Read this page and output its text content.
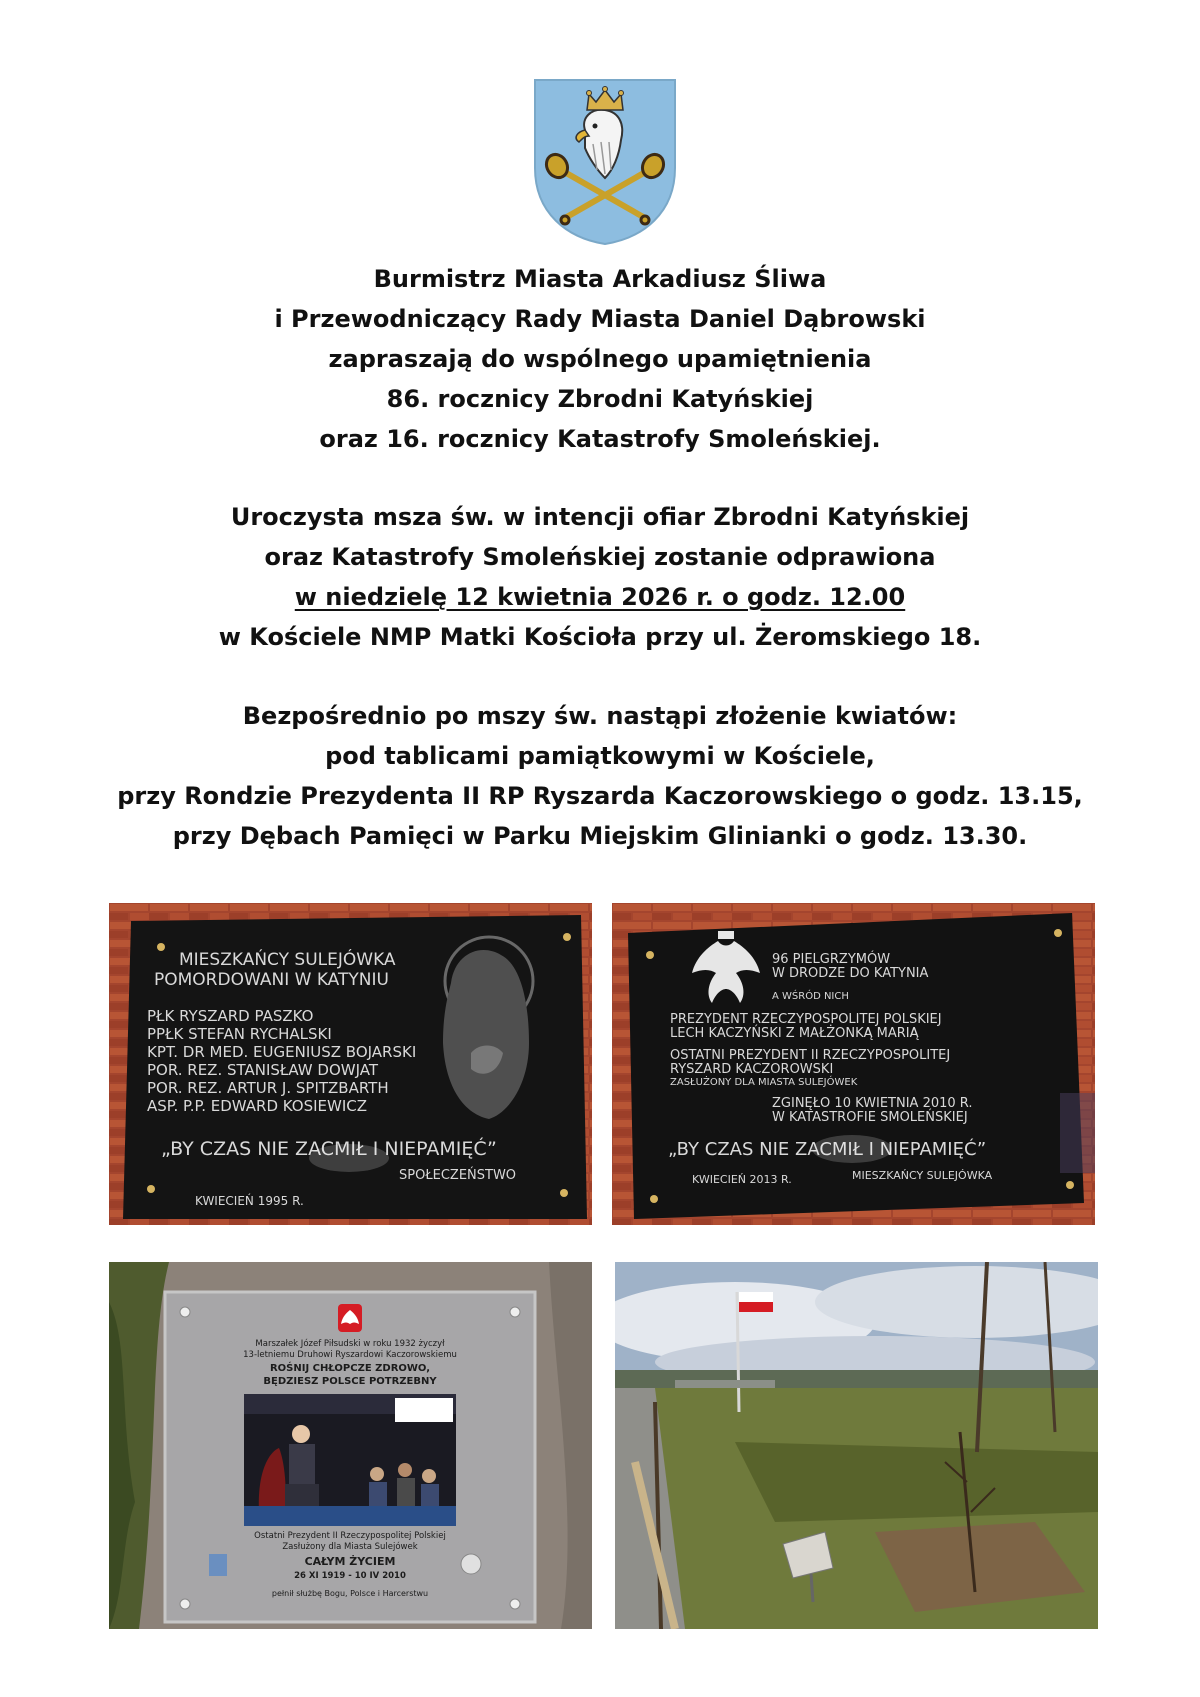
Burmistrz Miasta Arkadiusz Śliwa
i Przewodniczący Rady Miasta Daniel Dąbrowski
zapraszają do wspólnego upamiętnienia
86. rocznicy Zbrodni Katyńskiej
oraz 16. rocznicy Katastrofy Smoleńskiej.
Uroczysta msza św. w intencji ofiar Zbrodni Katyńskiej
oraz Katastrofy Smoleńskiej zostanie odprawiona
w niedzielę 12 kwietnia 2026 r. o godz. 12.00
w Kościele NMP Matki Kościoła przy ul. Żeromskiego 18.
Bezpośrednio po mszy św. nastąpi złożenie kwiatów:
pod tablicami pamiątkowymi w Kościele,
przy Rondzie Prezydenta II RP Ryszarda Kaczorowskiego o godz. 13.15,
przy Dębach Pamięci w Parku Miejskim Glinianki o godz. 13.30.
MIESZKAŃCY SULEJÓWKA
POMORDOWANI W KATYNIU
PŁK RYSZARD PASZKO
PPŁK STEFAN RYCHALSKI
KPT. DR MED. EUGENIUSZ BOJARSKI
POR. REZ. STANISŁAW DOWJAT
POR. REZ. ARTUR J. SPITZBARTH
ASP. P.P. EDWARD KOSIEWICZ
„BY CZAS NIE ZACMIŁ I NIEPAMIĘĆ”
SPOŁECZEŃSTWO
KWIECIEŃ 1995 R.
96 PIELGRZYMÓW
W DRODZE DO KATYNIA
A WŚRÓD NICH
PREZYDENT RZECZYPOSPOLITEJ POLSKIEJ
LECH KACZYŃSKI Z MAŁŻONKĄ MARIĄ
OSTATNI PREZYDENT II RZECZYPOSPOLITEJ
RYSZARD KACZOROWSKI
ZASŁUŻONY DLA MIASTA SULEJÓWEK
ZGINĘŁO 10 KWIETNIA 2010 R.
W KATASTROFIE SMOLEŃSKIEJ
„BY CZAS NIE ZACMIŁ I NIEPAMIĘĆ”
KWIECIEŃ 2013 R.	MIESZKAŃCY SULEJÓWKA
Marszałek Józef Piłsudski w roku 1932 życzył
13-letniemu Druhowi Ryszardowi Kaczorowskiemu
ROŚNIJ CHŁOPCZE ZDROWO,
BĘDZIESZ POLSCE POTRZEBNY
Ostatni Prezydent II Rzeczypospolitej Polskiej
Zasłużony dla Miasta Sulejówek
CAŁYM ŻYCIEM
26 XI 1919 - 10 IV 2010
pełnił służbę Bogu, Polsce i Harcerstwu
